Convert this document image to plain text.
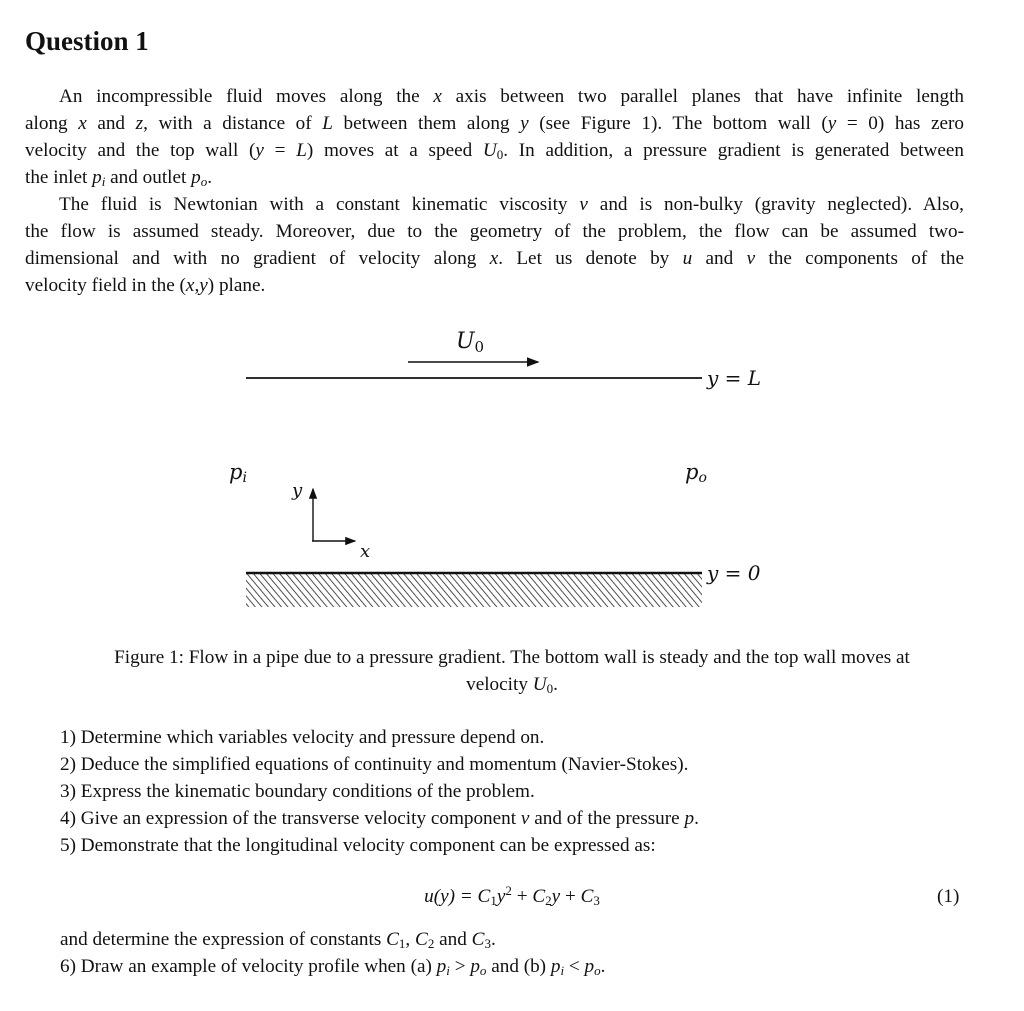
Question 1
An incompressible fluid moves along the x axis between two parallel planes that have infinite length
along x and z, with a distance of L between them along y (see Figure 1). The bottom wall (y = 0) has zero
velocity and the top wall (y = L) moves at a speed $U_0$. In addition, a pressure gradient is generated between
the inlet $p_i$ and outlet $p_o$.
The fluid is Newtonian with a constant kinematic viscosity v and is non-bulky (gravity neglected). Also,
the flow is assumed steady. Moreover, due to the geometry of the problem, the flow can be assumed two-
dimensional and with no gradient of velocity along x. Let us denote by u and v the components of the
velocity field in the (x,y) plane.
U0
y = L
pi	po
y
x
y = 0
Figure 1: Flow in a pipe due to a pressure gradient. The bottom wall is steady and the top wall moves at
velocity $U_0$.
1) Determine which variables velocity and pressure depend on.
2) Deduce the simplified equations of continuity and momentum (Navier-Stokes).
3) Express the kinematic boundary conditions of the problem.
4) Give an expression of the transverse velocity component v and of the pressure p.
5) Demonstrate that the longitudinal velocity component can be expressed as:
$u(y) = C_1y^2 + C_2y + C_3$	(1)
and determine the expression of constants $C_1$, $C_2$ and $C_3$.
6) Draw an example of velocity profile when (a) $p_i > p_o$ and (b) $p_i < p_o$.
